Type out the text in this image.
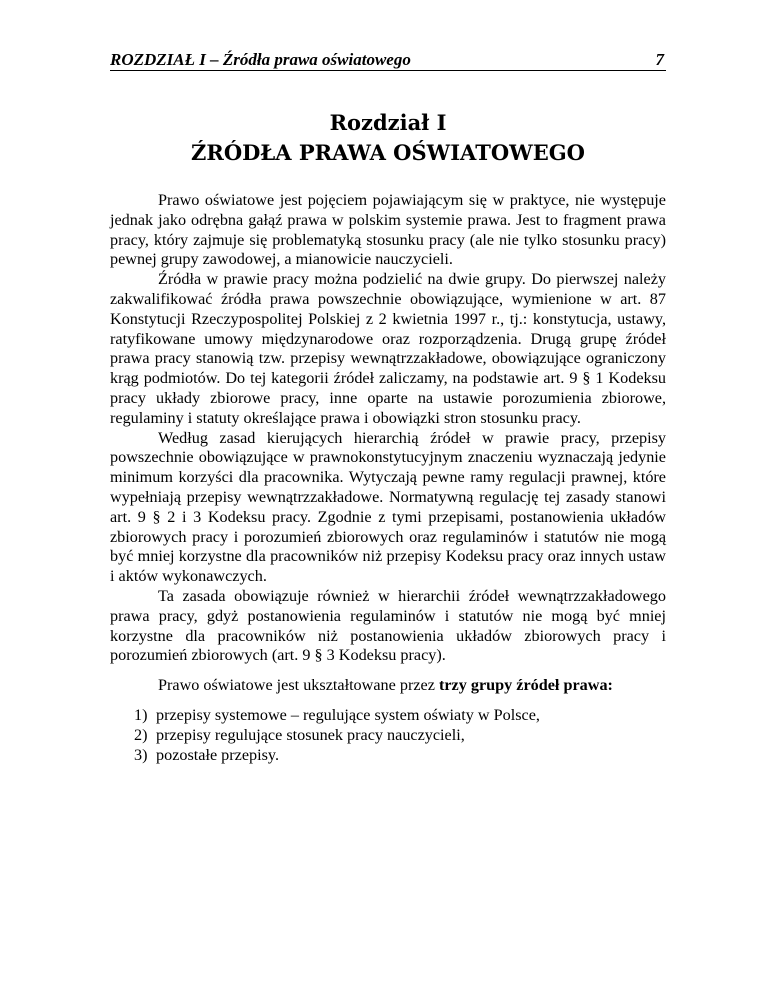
ROZDZIAŁ I – Źródła prawa oświatowego	7
Rozdział I
ŹRÓDŁA PRAWA OŚWIATOWEGO

Prawo oświatowe jest pojęciem pojawiającym się w praktyce, nie występuje jednak jako odrębna gałąź prawa w polskim systemie prawa. Jest to fragment prawa pracy, który zajmuje się problematyką stosunku pracy (ale nie tylko stosunku pracy) pewnej grupy zawodowej, a mianowicie nauczycieli.

Źródła w prawie pracy można podzielić na dwie grupy. Do pierwszej należy zakwalifikować źródła prawa powszechnie obowiązujące, wymienione w art. 87 Konstytucji Rzeczypospolitej Polskiej z 2 kwietnia 1997 r., tj.: konstytucja, ustawy, ratyfikowane umowy międzynarodowe oraz rozporządzenia. Drugą grupę źródeł prawa pracy stanowią tzw. przepisy wewnątrzzakładowe, obowiązujące ograniczony krąg podmiotów. Do tej kategorii źródeł zaliczamy, na podstawie art. 9 § 1 Kodeksu pracy układy zbiorowe pracy, inne oparte na ustawie porozumienia zbiorowe, regulaminy i statuty określające prawa i obowiązki stron stosunku pracy.

Według zasad kierujących hierarchią źródeł w prawie pracy, przepisy powszechnie obowiązujące w prawnokonstytucyjnym znaczeniu wyznaczają jedynie minimum korzyści dla pracownika. Wytyczają pewne ramy regulacji prawnej, które wypełniają przepisy wewnątrzzakładowe. Normatywną regulację tej zasady stanowi art. 9 § 2 i 3 Kodeksu pracy. Zgodnie z tymi przepisami, postanowienia układów zbiorowych pracy i porozumień zbiorowych oraz regulaminów i statutów nie mogą być mniej korzystne dla pracowników niż przepisy Kodeksu pracy oraz innych ustaw i aktów wykonawczych.

Ta zasada obowiązuje również w hierarchii źródeł wewnątrzzakładowego prawa pracy, gdyż postanowienia regulaminów i statutów nie mogą być mniej korzystne dla pracowników niż postanowienia układów zbiorowych pracy i porozumień zbiorowych (art. 9 § 3 Kodeksu pracy).

Prawo oświatowe jest ukształtowane przez trzy grupy źródeł prawa:

1) przepisy systemowe – regulujące system oświaty w Polsce,
2) przepisy regulujące stosunek pracy nauczycieli,
3) pozostałe przepisy.
